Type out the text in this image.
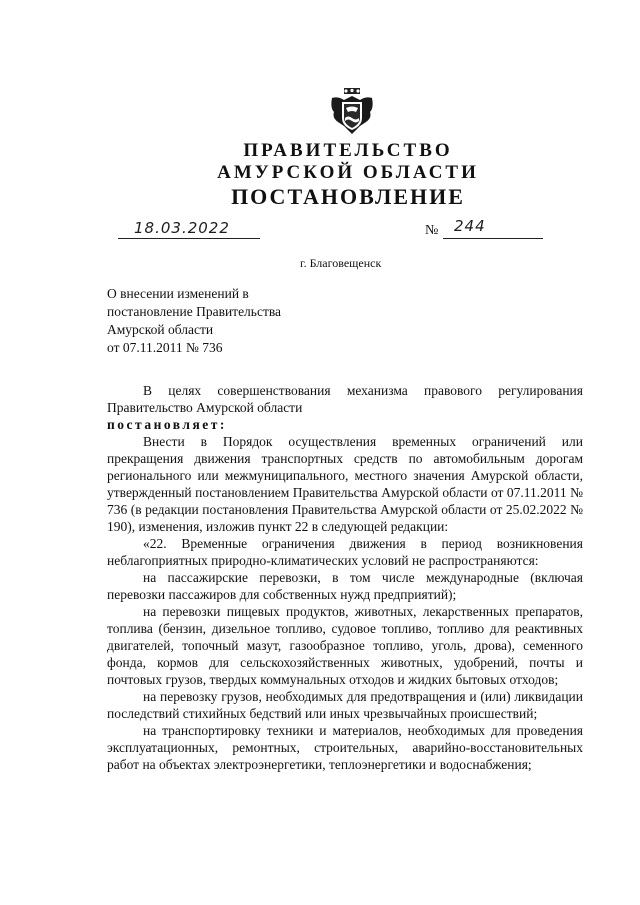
ПРАВИТЕЛЬСТВО
АМУРСКОЙ ОБЛАСТИ
ПОСТАНОВЛЕНИЕ
18.03.2022	№ 244
г. Благовещенск
О внесении изменений в
постановление Правительства
Амурской области
от 07.11.2011 № 736

В целях совершенствования механизма правового регулирования Правительство Амурской области

постановляет:

Внести в Порядок осуществления временных ограничений или прекращения движения транспортных средств по автомобильным дорогам регионального или межмуниципального, местного значения Амурской области, утвержденный постановлением Правительства Амурской области от 07.11.2011 № 736 (в редакции постановления Правительства Амурской области от 25.02.2022 № 190), изменения, изложив пункт 22 в следующей редакции:

«22. Временные ограничения движения в период возникновения неблагоприятных природно-климатических условий не распространяются:

на пассажирские перевозки, в том числе международные (включая перевозки пассажиров для собственных нужд предприятий);

на перевозки пищевых продуктов, животных, лекарственных препаратов, топлива (бензин, дизельное топливо, судовое топливо, топливо для реактивных двигателей, топочный мазут, газообразное топливо, уголь, дрова), семенного фонда, кормов для сельскохозяйственных животных, удобрений, почты и почтовых грузов, твердых коммунальных отходов и жидких бытовых отходов;

на перевозку грузов, необходимых для предотвращения и (или) ликвидации последствий стихийных бедствий или иных чрезвычайных происшествий;

на транспортировку техники и материалов, необходимых для проведения эксплуатационных, ремонтных, строительных, аварийно-восстановительных работ на объектах электроэнергетики, теплоэнергетики и водоснабжения;
